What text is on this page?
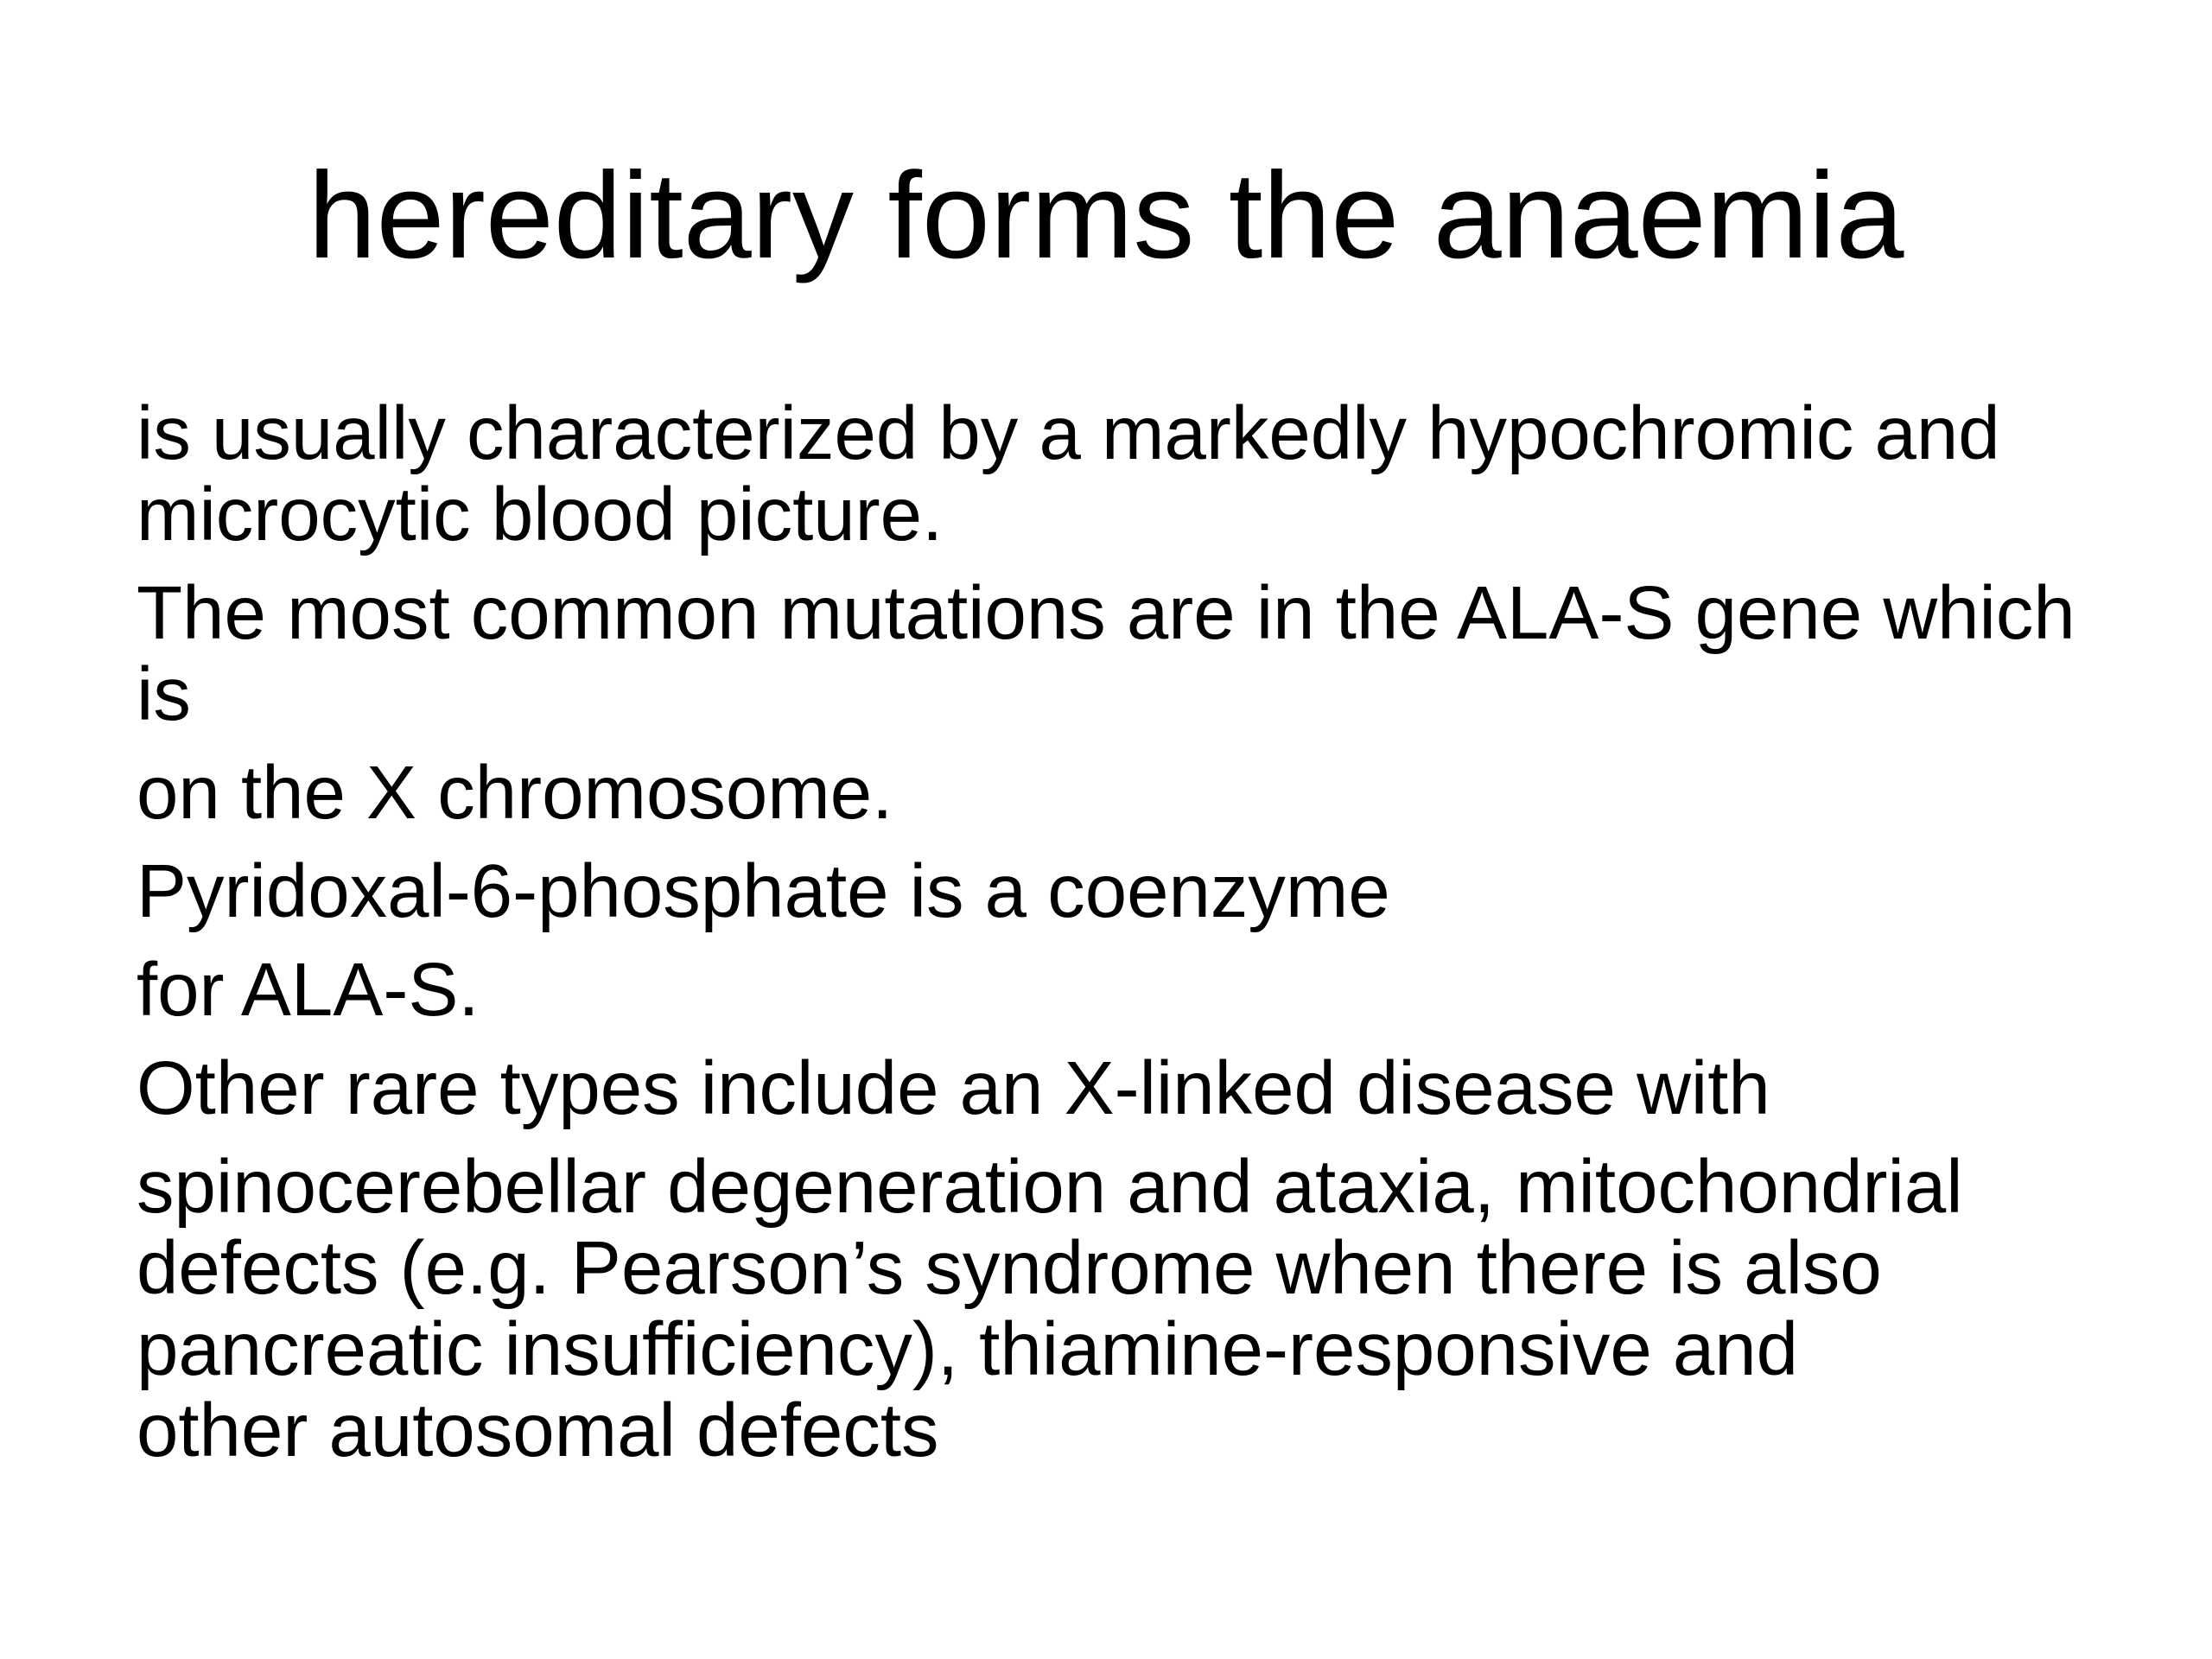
hereditary forms the anaemia
is usually characterized by a markedly hypochromic and
microcytic blood picture.
The most common mutations are in the ALA-S gene which
is
on the X chromosome.
Pyridoxal-6-phosphate is a coenzyme
for ALA-S.
Other rare types include an X-linked disease with
spinocerebellar degeneration and ataxia, mitochondrial
defects (e.g. Pearson’s syndrome when there is also
pancreatic insufficiency), thiamine-responsive and
other autosomal defects
